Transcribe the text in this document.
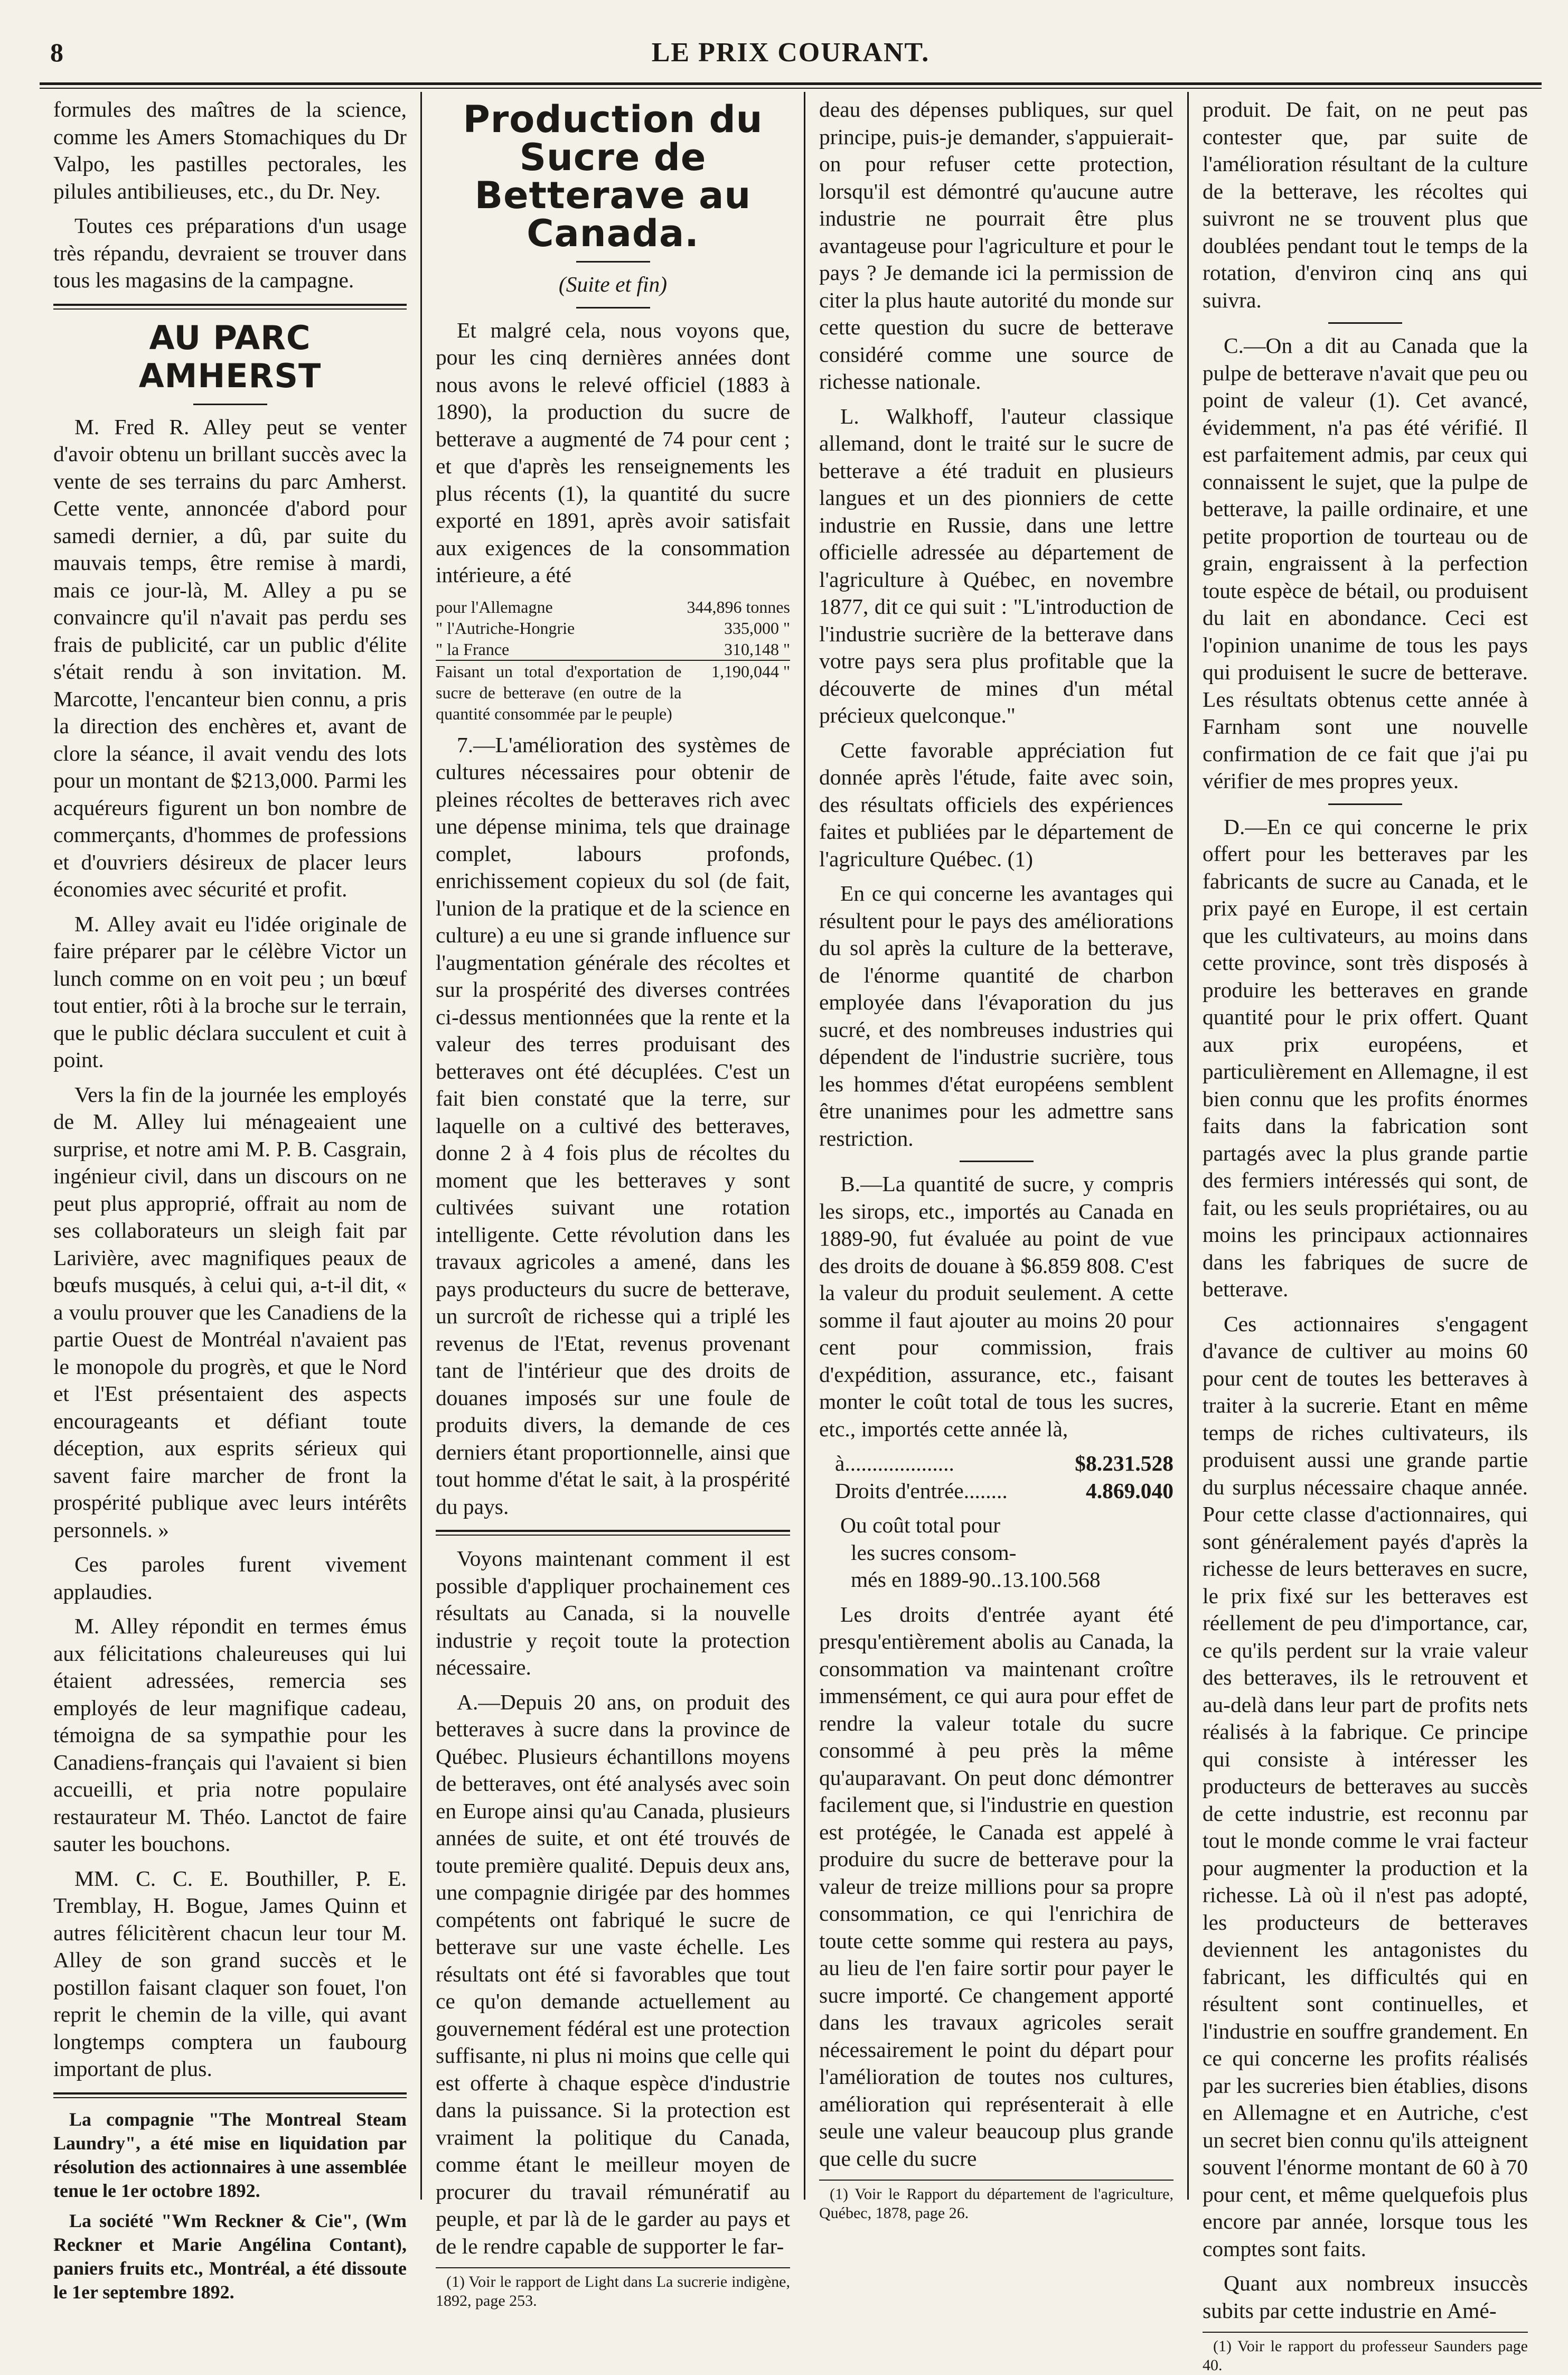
8	LE PRIX COURANT.

formules des maîtres de la science, comme les Amers Stomachiques du Dr Valpo, les pastilles pectorales, les pilules antibilieuses, etc., du Dr. Ney.

Toutes ces préparations d'un usage très répandu, devraient se trouver dans tous les magasins de la campagne.

AU PARC AMHERST

M. Fred R. Alley peut se venter d'avoir obtenu un brillant succès avec la vente de ses terrains du parc Amherst. Cette vente, annoncée d'abord pour samedi dernier, a dû, par suite du mauvais temps, être remise à mardi, mais ce jour-là, M. Alley a pu se convaincre qu'il n'avait pas perdu ses frais de publicité, car un public d'élite s'était rendu à son invitation. M. Marcotte, l'encanteur bien connu, a pris la direction des enchères et, avant de clore la séance, il avait vendu des lots pour un montant de $213,000. Parmi les acquéreurs figurent un bon nombre de commerçants, d'hommes de professions et d'ouvriers désireux de placer leurs économies avec sécurité et profit.

M. Alley avait eu l'idée originale de faire préparer par le célèbre Victor un lunch comme on en voit peu ; un bœuf tout entier, rôti à la broche sur le terrain, que le public déclara succulent et cuit à point.

Vers la fin de la journée les employés de M. Alley lui ménageaient une surprise, et notre ami M. P. B. Casgrain, ingénieur civil, dans un discours on ne peut plus approprié, offrait au nom de ses collaborateurs un sleigh fait par Larivière, avec magnifiques peaux de bœufs musqués, à celui qui, a-t-il dit, « a voulu prouver que les Canadiens de la partie Ouest de Montréal n'avaient pas le monopole du progrès, et que le Nord et l'Est présentaient des aspects encourageants et défiant toute déception, aux esprits sérieux qui savent faire marcher de front la prospérité publique avec leurs intérêts personnels. »

Ces paroles furent vivement applaudies.

M. Alley répondit en termes émus aux félicitations chaleureuses qui lui étaient adressées, remercia ses employés de leur magnifique cadeau, témoigna de sa sympathie pour les Canadiens-français qui l'avaient si bien accueilli, et pria notre populaire restaurateur M. Théo. Lanctot de faire sauter les bouchons.

MM. C. C. E. Bouthiller, P. E. Tremblay, H. Bogue, James Quinn et autres félicitèrent chacun leur tour M. Alley de son grand succès et le postillon faisant claquer son fouet, l'on reprit le chemin de la ville, qui avant longtemps comptera un faubourg important de plus.

La compagnie "The Montreal Steam Laundry", a été mise en liquidation par résolution des actionnaires à une assemblée tenue le 1er octobre 1892.

La société "Wm Reckner & Cie", (Wm Reckner et Marie Angélina Contant), paniers fruits etc., Montréal, a été dissoute le 1er septembre 1892.

Production du Sucre de Betterave au Canada.
(Suite et fin)

Et malgré cela, nous voyons que, pour les cinq dernières années dont nous avons le relevé officiel (1883 à 1890), la production du sucre de betterave a augmenté de 74 pour cent ; et que d'après les renseignements les plus récents (1), la quantité du sucre exporté en 1891, après avoir satisfait aux exigences de la consommation intérieure, a été

pour l'Allemagne	344,896 tonnes
" l'Autriche-Hongrie	335,000 "
" la France	310,148 "
Faisant un total d'exportation de sucre de betterave (en outre de la quantité consommée par le peuple)	1,190,044 "

7.—L'amélioration des systèmes de cultures nécessaires pour obtenir de pleines récoltes de betteraves rich avec une dépense minima, tels que drainage complet, labours profonds, enrichissement copieux du sol (de fait, l'union de la pratique et de la science en culture) a eu une si grande influence sur l'augmentation générale des récoltes et sur la prospérité des diverses contrées ci-dessus mentionnées que la rente et la valeur des terres produisant des betteraves ont été décuplées. C'est un fait bien constaté que la terre, sur laquelle on a cultivé des betteraves, donne 2 à 4 fois plus de récoltes du moment que les betteraves y sont cultivées suivant une rotation intelligente. Cette révolution dans les travaux agricoles a amené, dans les pays producteurs du sucre de betterave, un surcroît de richesse qui a triplé les revenus de l'Etat, revenus provenant tant de l'intérieur que des droits de douanes imposés sur une foule de produits divers, la demande de ces derniers étant proportionnelle, ainsi que tout homme d'état le sait, à la prospérité du pays.

Voyons maintenant comment il est possible d'appliquer prochainement ces résultats au Canada, si la nouvelle industrie y reçoit toute la protection nécessaire.

A.—Depuis 20 ans, on produit des betteraves à sucre dans la province de Québec. Plusieurs échantillons moyens de betteraves, ont été analysés avec soin en Europe ainsi qu'au Canada, plusieurs années de suite, et ont été trouvés de toute première qualité. Depuis deux ans, une compagnie dirigée par des hommes compétents ont fabriqué le sucre de betterave sur une vaste échelle. Les résultats ont été si favorables que tout ce qu'on demande actuellement au gouvernement fédéral est une protection suffisante, ni plus ni moins que celle qui est offerte à chaque espèce d'industrie dans la puissance. Si la protection est vraiment la politique du Canada, comme étant le meilleur moyen de procurer du travail rémunératif au peuple, et par là de le garder au pays et de le rendre capable de supporter le far-

(1) Voir le rapport de Light dans La sucrerie indigène, 1892, page 253.

deau des dépenses publiques, sur quel principe, puis-je demander, s'appuierait-on pour refuser cette protection, lorsqu'il est démontré qu'aucune autre industrie ne pourrait être plus avantageuse pour l'agriculture et pour le pays ? Je demande ici la permission de citer la plus haute autorité du monde sur cette question du sucre de betterave considéré comme une source de richesse nationale.

L. Walkhoff, l'auteur classique allemand, dont le traité sur le sucre de betterave a été traduit en plusieurs langues et un des pionniers de cette industrie en Russie, dans une lettre officielle adressée au département de l'agriculture à Québec, en novembre 1877, dit ce qui suit : "L'introduction de l'industrie sucrière de la betterave dans votre pays sera plus profitable que la découverte de mines d'un métal précieux quelconque."

Cette favorable appréciation fut donnée après l'étude, faite avec soin, des résultats officiels des expériences faites et publiées par le département de l'agriculture Québec. (1)

En ce qui concerne les avantages qui résultent pour le pays des améliorations du sol après la culture de la betterave, de l'énorme quantité de charbon employée dans l'évaporation du jus sucré, et des nombreuses industries qui dépendent de l'industrie sucrière, tous les hommes d'état européens semblent être unanimes pour les admettre sans restriction.

B.—La quantité de sucre, y compris les sirops, etc., importés au Canada en 1889-90, fut évaluée au point de vue des droits de douane à $6.859 808. C'est la valeur du produit seulement. A cette somme il faut ajouter au moins 20 pour cent pour commission, frais d'expédition, assurance, etc., faisant monter le coût total de tous les sucres, etc., importés cette année là,

à....................	$8.231.528
Droits d'entrée........	4.869.040
Ou coût total pour
les sucres consom-
més en 1889-90..13.100.568

Les droits d'entrée ayant été presqu'entièrement abolis au Canada, la consommation va maintenant croître immensément, ce qui aura pour effet de rendre la valeur totale du sucre consommé à peu près la même qu'auparavant. On peut donc démontrer facilement que, si l'industrie en question est protégée, le Canada est appelé à produire du sucre de betterave pour la valeur de treize millions pour sa propre consommation, ce qui l'enrichira de toute cette somme qui restera au pays, au lieu de l'en faire sortir pour payer le sucre importé. Ce changement apporté dans les travaux agricoles serait nécessairement le point du départ pour l'amélioration de toutes nos cultures, amélioration qui représenterait à elle seule une valeur beaucoup plus grande que celle du sucre

(1) Voir le Rapport du département de l'agriculture, Québec, 1878, page 26.

produit. De fait, on ne peut pas contester que, par suite de l'amélioration résultant de la culture de la betterave, les récoltes qui suivront ne se trouvent plus que doublées pendant tout le temps de la rotation, d'environ cinq ans qui suivra.

C.—On a dit au Canada que la pulpe de betterave n'avait que peu ou point de valeur (1). Cet avancé, évidemment, n'a pas été vérifié. Il est parfaitement admis, par ceux qui connaissent le sujet, que la pulpe de betterave, la paille ordinaire, et une petite proportion de tourteau ou de grain, engraissent à la perfection toute espèce de bétail, ou produisent du lait en abondance. Ceci est l'opinion unanime de tous les pays qui produisent le sucre de betterave. Les résultats obtenus cette année à Farnham sont une nouvelle confirmation de ce fait que j'ai pu vérifier de mes propres yeux.

D.—En ce qui concerne le prix offert pour les betteraves par les fabricants de sucre au Canada, et le prix payé en Europe, il est certain que les cultivateurs, au moins dans cette province, sont très disposés à produire les betteraves en grande quantité pour le prix offert. Quant aux prix européens, et particulièrement en Allemagne, il est bien connu que les profits énormes faits dans la fabrication sont partagés avec la plus grande partie des fermiers intéressés qui sont, de fait, ou les seuls propriétaires, ou au moins les principaux actionnaires dans les fabriques de sucre de betterave.

Ces actionnaires s'engagent d'avance de cultiver au moins 60 pour cent de toutes les betteraves à traiter à la sucrerie. Etant en même temps de riches cultivateurs, ils produisent aussi une grande partie du surplus nécessaire chaque année. Pour cette classe d'actionnaires, qui sont généralement payés d'après la richesse de leurs betteraves en sucre, le prix fixé sur les betteraves est réellement de peu d'importance, car, ce qu'ils perdent sur la vraie valeur des betteraves, ils le retrouvent et au-delà dans leur part de profits nets réalisés à la fabrique. Ce principe qui consiste à intéresser les producteurs de betteraves au succès de cette industrie, est reconnu par tout le monde comme le vrai facteur pour augmenter la production et la richesse. Là où il n'est pas adopté, les producteurs de betteraves deviennent les antagonistes du fabricant, les difficultés qui en résultent sont continuelles, et l'industrie en souffre grandement. En ce qui concerne les profits réalisés par les sucreries bien établies, disons en Allemagne et en Autriche, c'est un secret bien connu qu'ils atteignent souvent l'énorme montant de 60 à 70 pour cent, et même quelquefois plus encore par année, lorsque tous les comptes sont faits.

Quant aux nombreux insuccès subits par cette industrie en Amé-

(1) Voir le rapport du professeur Saunders page 40.
